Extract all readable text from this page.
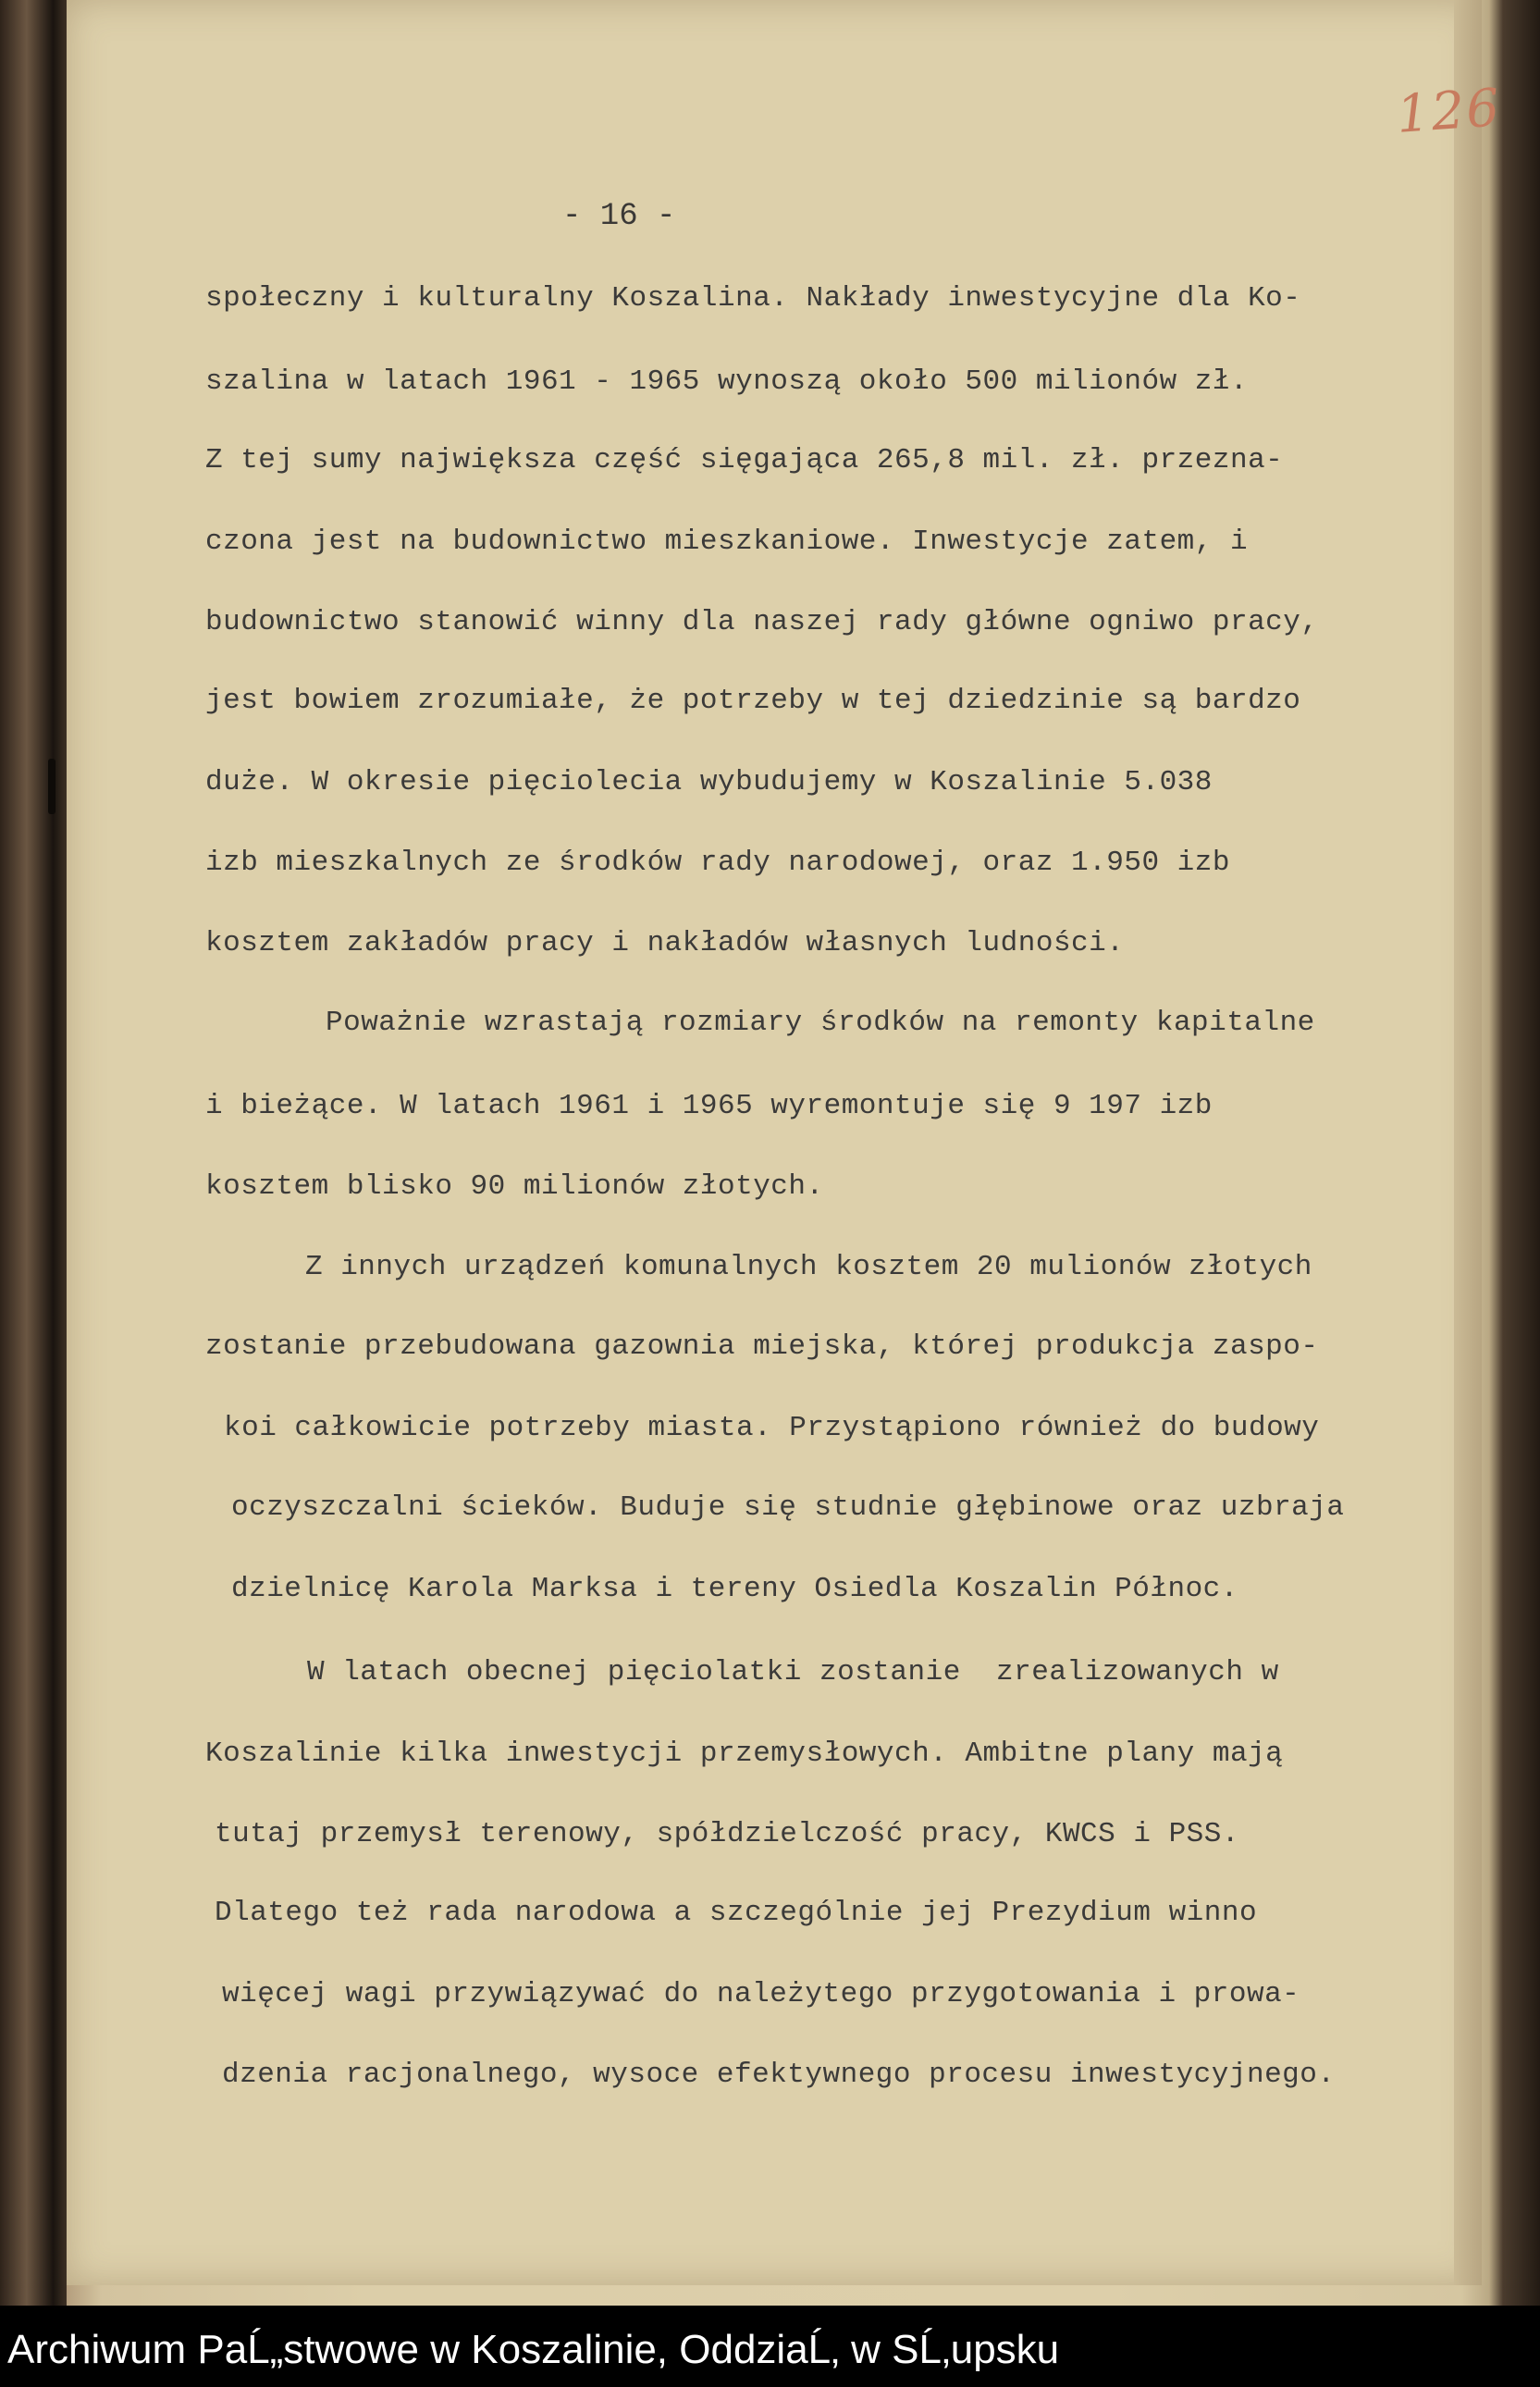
126
- 16 -
społeczny i kulturalny Koszalina. Nakłady inwestycyjne dla Ko-
szalina w latach 1961 - 1965 wynoszą około 500 milionów zł.
Z tej sumy największa część sięgająca 265,8 mil. zł. przezna-
czona jest na budownictwo mieszkaniowe. Inwestycje zatem, i
budownictwo stanowić winny dla naszej rady główne ogniwo pracy,
jest bowiem zrozumiałe, że potrzeby w tej dziedzinie są bardzo
duże. W okresie pięciolecia wybudujemy w Koszalinie 5.038
izb mieszkalnych ze środków rady narodowej, oraz 1.950 izb
kosztem zakładów pracy i nakładów własnych ludności.
Poważnie wzrastają rozmiary środków na remonty kapitalne
i bieżące. W latach 1961 i 1965 wyremontuje się 9 197 izb
kosztem blisko 90 milionów złotych.
Z innych urządzeń komunalnych kosztem 20 mulionów złotych
zostanie przebudowana gazownia miejska, której produkcja zaspo-
koi całkowicie potrzeby miasta. Przystąpiono również do budowy
oczyszczalni ścieków. Buduje się studnie głębinowe oraz uzbraja
dzielnicę Karola Marksa i tereny Osiedla Koszalin Północ.
W latach obecnej pięciolatki zostanie  zrealizowanych w
Koszalinie kilka inwestycji przemysłowych. Ambitne plany mają
tutaj przemysł terenowy, spółdzielczość pracy, KWCS i PSS.
Dlatego też rada narodowa a szczególnie jej Prezydium winno
więcej wagi przywiązywać do należytego przygotowania i prowa-
dzenia racjonalnego, wysoce efektywnego procesu inwestycyjnego.
Archiwum PaĹ„stwowe w Koszalinie, OddziaĹ‚ w SĹ‚upsku
